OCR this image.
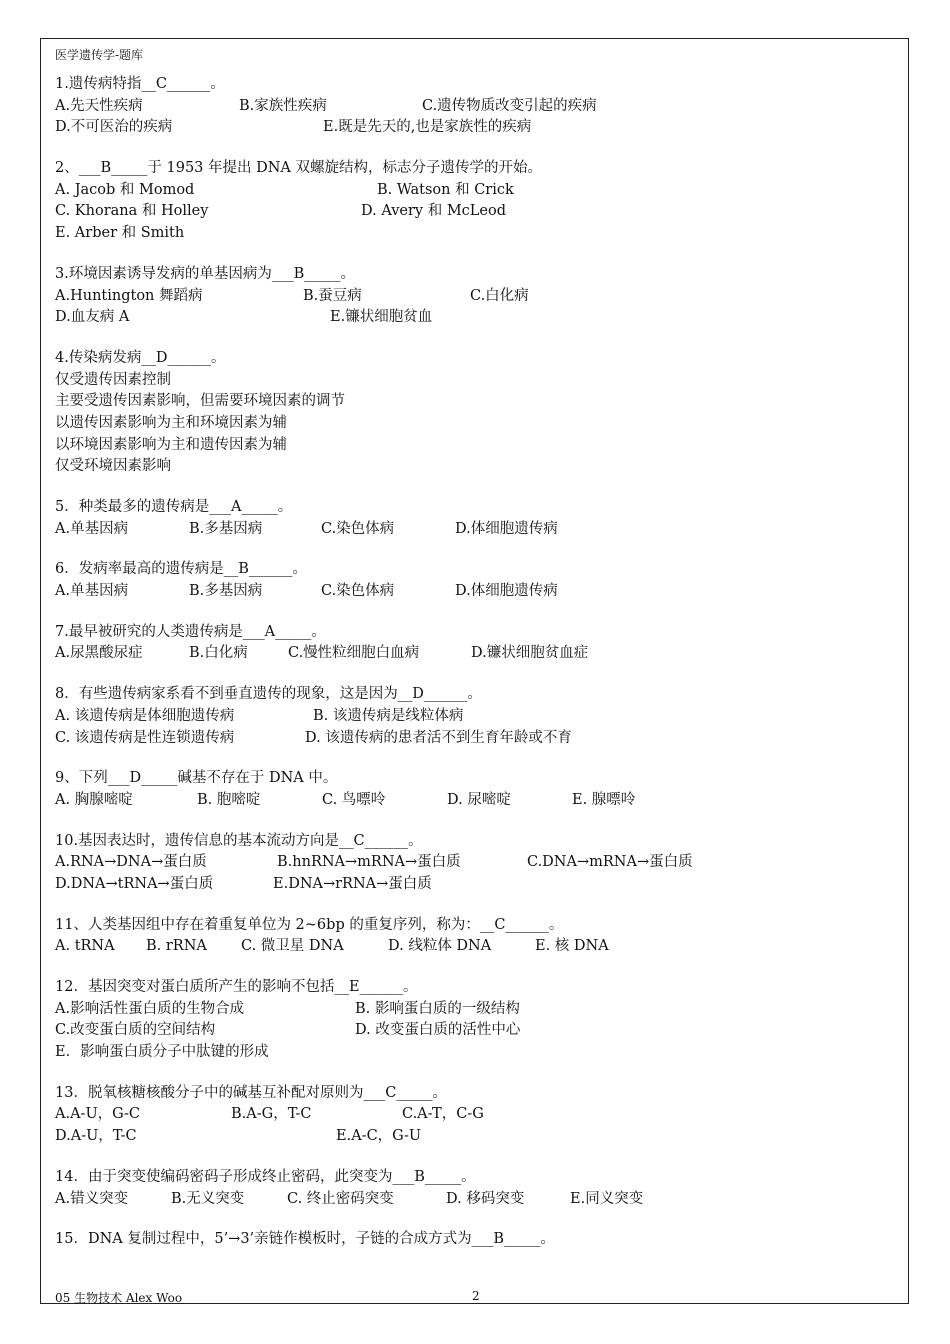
医学遗传学-题库
1.遗传病特指__C______。
A.先天性疾病	B.家族性疾病	C.遗传物质改变引起的疾病
D.不可医治的疾病	E.既是先天的,也是家族性的疾病
2、___B_____于 1953 年提出 DNA 双螺旋结构，标志分子遗传学的开始。
A. Jacob 和 Momod	B. Watson 和 Crick
C. Khorana 和 Holley	D. Avery 和 McLeod
E. Arber 和 Smith
3.环境因素诱导发病的单基因病为___B_____。
A.Huntington 舞蹈病	B.蚕豆病	C.白化病
D.血友病 A	E.镰状细胞贫血
4.传染病发病__D______。
仅受遗传因素控制
主要受遗传因素影响，但需要环境因素的调节
以遗传因素影响为主和环境因素为辅
以环境因素影响为主和遗传因素为辅
仅受环境因素影响
5．种类最多的遗传病是___A_____。
A.单基因病	B.多基因病	C.染色体病	D.体细胞遗传病
6．发病率最高的遗传病是__B______。
A.单基因病	B.多基因病	C.染色体病	D.体细胞遗传病
7.最早被研究的人类遗传病是___A_____。
A.尿黑酸尿症	B.白化病	C.慢性粒细胞白血病	D.镰状细胞贫血症
8．有些遗传病家系看不到垂直遗传的现象，这是因为__D______。
A. 该遗传病是体细胞遗传病	B. 该遗传病是线粒体病
C. 该遗传病是性连锁遗传病	D. 该遗传病的患者活不到生育年龄或不育
9、下列___D_____碱基不存在于 DNA 中。
A. 胸腺嘧啶	B. 胞嘧啶	C. 鸟嘌呤	D. 尿嘧啶	E. 腺嘌呤
10.基因表达时，遗传信息的基本流动方向是__C______。
A.RNA→DNA→蛋白质	B.hnRNA→mRNA→蛋白质	C.DNA→mRNA→蛋白质
D.DNA→tRNA→蛋白质	E.DNA→rRNA→蛋白质
11、人类基因组中存在着重复单位为 2~6bp 的重复序列，称为：__C______。
A. tRNA B. rRNA C. 微卫星 DNA	D. 线粒体 DNA	E. 核 DNA
12．基因突变对蛋白质所产生的影响不包括__E______。
A.影响活性蛋白质的生物合成	B. 影响蛋白质的一级结构
C.改变蛋白质的空间结构	D. 改变蛋白质的活性中心
E．影响蛋白质分子中肽键的形成
13．脱氧核糖核酸分子中的碱基互补配对原则为___C_____。
A.A-U，G-C	B.A-G，T-C	C.A-T，C-G
D.A-U，T-C	E.A-C，G-U
14．由于突变使编码密码子形成终止密码，此突变为___B_____。
A.错义突变	B.无义突变	C. 终止密码突变	D. 移码突变	E.同义突变
15．DNA 复制过程中，5’→3’亲链作模板时，子链的合成方式为___B_____。
05 生物技术 Alex Woo	2
